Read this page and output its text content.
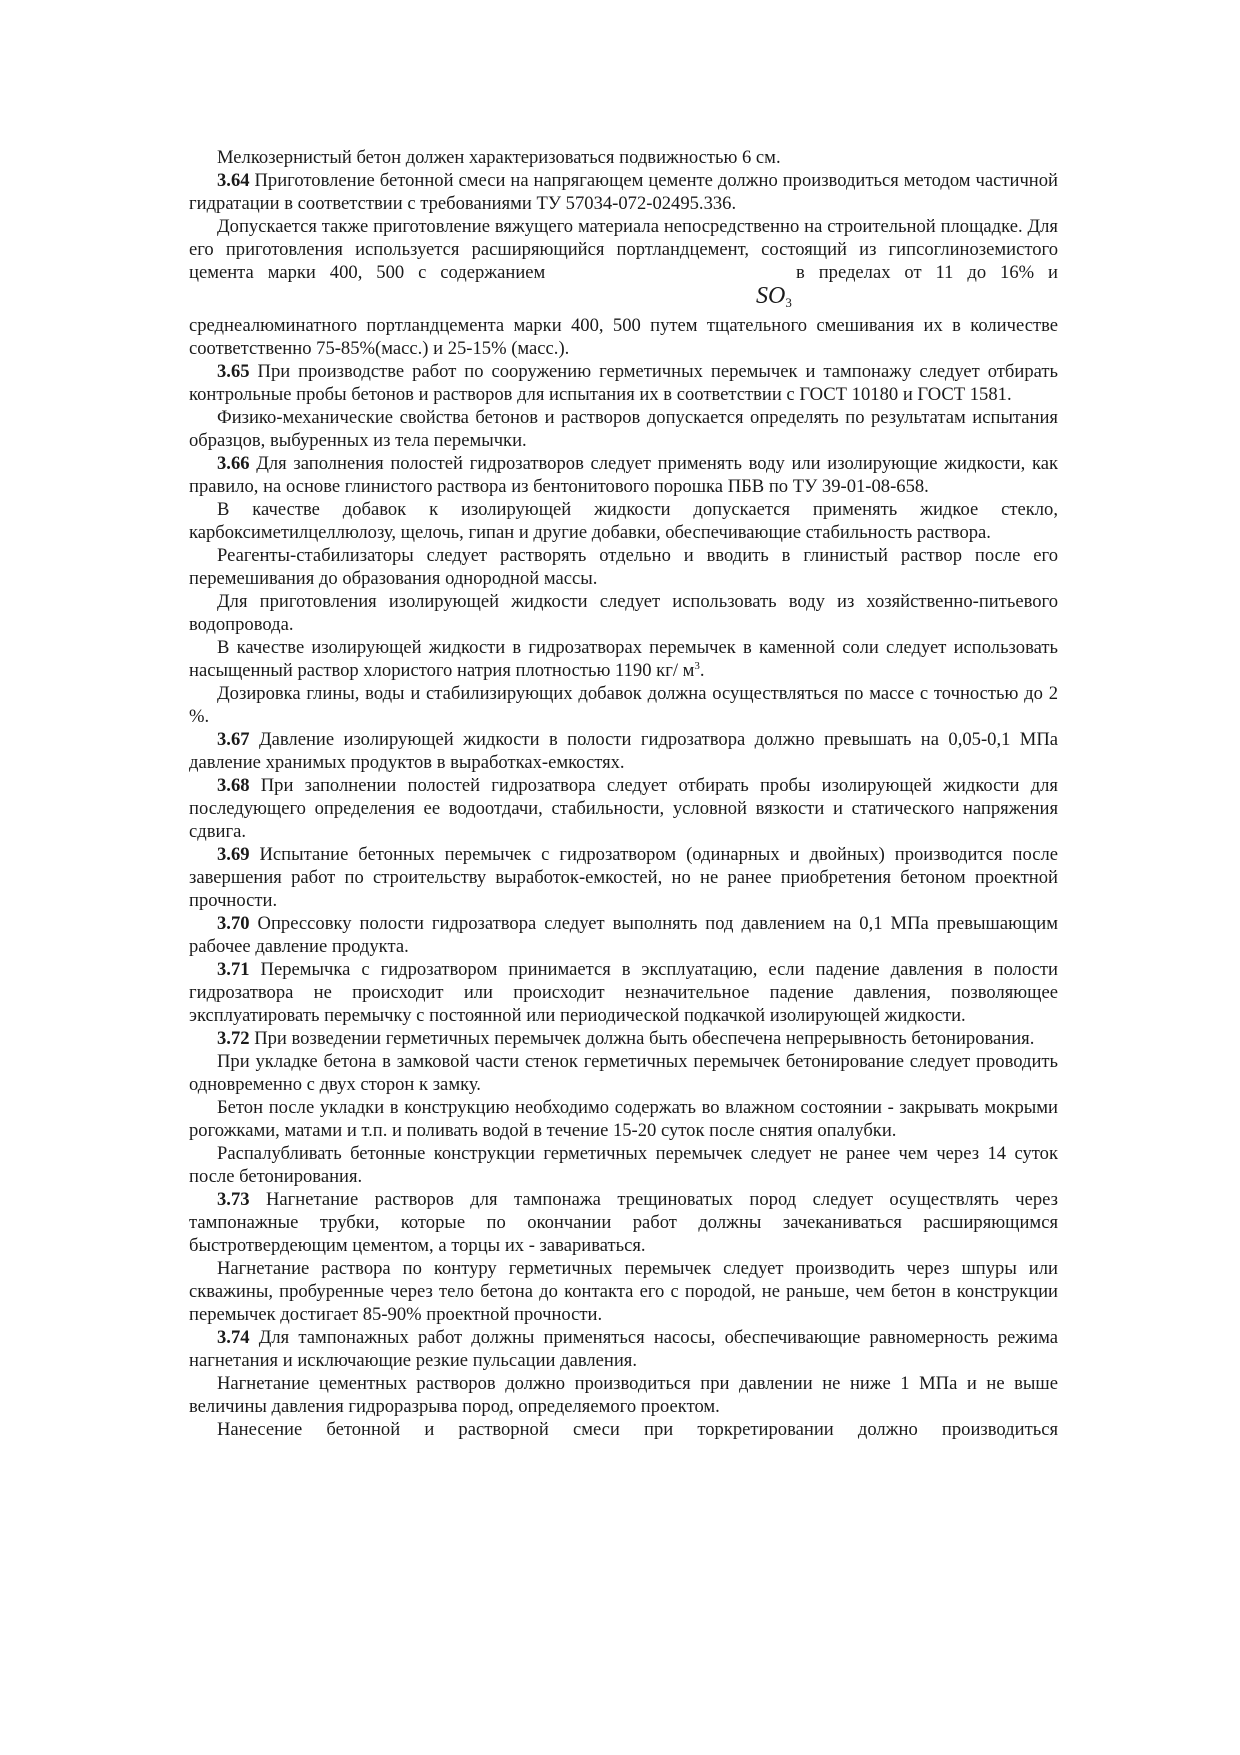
Мелкозернистый бетон должен характеризоваться подвижностью 6 см.

3.64 Приготовление бетонной смеси на напрягающем цементе должно производиться методом частичной гидратации в соответствии с требованиями ТУ 57034-072-02495.336.

Допускается также приготовление вяжущего материала непосредственно на строительной площадке. Для его приготовления используется расширяющийся портландцемент, состоящий из гипсоглиноземистого цемента марки 400, 500 с содержанием	в пределах от 11 до 16% и

$SO_3$

среднеалюминатного портландцемента марки 400, 500 путем тщательного смешивания их в количестве соответственно 75-85%(масс.) и 25-15% (масс.).

3.65 При производстве работ по сооружению герметичных перемычек и тампонажу следует отбирать контрольные пробы бетонов и растворов для испытания их в соответствии с ГОСТ 10180 и ГОСТ 1581.

Физико-механические свойства бетонов и растворов допускается определять по результатам испытания образцов, выбуренных из тела перемычки.

3.66 Для заполнения полостей гидрозатворов следует применять воду или изолирующие жидкости, как правило, на основе глинистого раствора из бентонитового порошка ПБВ по ТУ 39-01-08-658.

В качестве добавок к изолирующей жидкости допускается применять жидкое стекло, карбоксиметилцеллюлозу, щелочь, гипан и другие добавки, обеспечивающие стабильность раствора.

Реагенты-стабилизаторы следует растворять отдельно и вводить в глинистый раствор после его перемешивания до образования однородной массы.

Для приготовления изолирующей жидкости следует использовать воду из хозяйственно-питьевого водопровода.

В качестве изолирующей жидкости в гидрозатворах перемычек в каменной соли следует использовать насыщенный раствор хлористого натрия плотностью 1190 кг/ $м^3$.

Дозировка глины, воды и стабилизирующих добавок должна осуществляться по массе с точностью до 2 %.

3.67 Давление изолирующей жидкости в полости гидрозатвора должно превышать на 0,05-0,1 МПа давление хранимых продуктов в выработках-емкостях.

3.68 При заполнении полостей гидрозатвора следует отбирать пробы изолирующей жидкости для последующего определения ее водоотдачи, стабильности, условной вязкости и статического напряжения сдвига.

3.69 Испытание бетонных перемычек с гидрозатвором (одинарных и двойных) производится после завершения работ по строительству выработок-емкостей, но не ранее приобретения бетоном проектной прочности.

3.70 Опрессовку полости гидрозатвора следует выполнять под давлением на 0,1 МПа превышающим рабочее давление продукта.

3.71 Перемычка с гидрозатвором принимается в эксплуатацию, если падение давления в полости гидрозатвора не происходит или происходит незначительное падение давления, позволяющее эксплуатировать перемычку с постоянной или периодической подкачкой изолирующей жидкости.

3.72 При возведении герметичных перемычек должна быть обеспечена непрерывность бетонирования.

При укладке бетона в замковой части стенок герметичных перемычек бетонирование следует проводить одновременно с двух сторон к замку.

Бетон после укладки в конструкцию необходимо содержать во влажном состоянии - закрывать мокрыми рогожками, матами и т.п. и поливать водой в течение 15-20 суток после снятия опалубки.

Распалубливать бетонные конструкции герметичных перемычек следует не ранее чем через 14 суток после бетонирования.

3.73 Нагнетание растворов для тампонажа трещиноватых пород следует осуществлять через тампонажные трубки, которые по окончании работ должны зачеканиваться расширяющимся быстротвердеющим цементом, а торцы их - завариваться.

Нагнетание раствора по контуру герметичных перемычек следует производить через шпуры или скважины, пробуренные через тело бетона до контакта его с породой, не раньше, чем бетон в конструкции перемычек достигает 85-90% проектной прочности.

3.74 Для тампонажных работ должны применяться насосы, обеспечивающие равномерность режима нагнетания и исключающие резкие пульсации давления.

Нагнетание цементных растворов должно производиться при давлении не ниже 1 МПа и не выше величины давления гидроразрыва пород, определяемого проектом.

Нанесение бетонной и растворной смеси при торкретировании должно производиться
